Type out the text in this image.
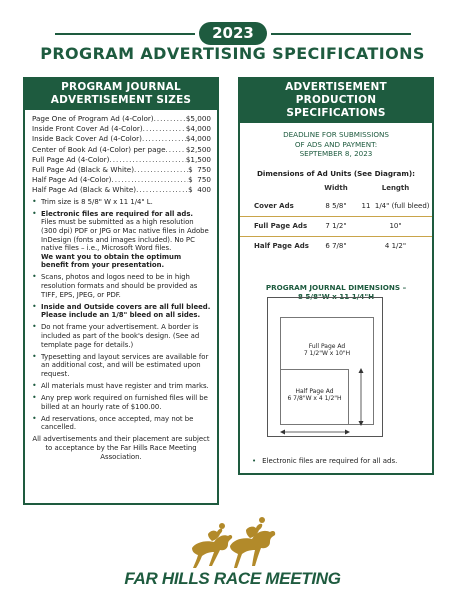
2023
PROGRAM ADVERTISING SPECIFICATIONS
PROGRAM JOURNAL
ADVERTISEMENT SIZES
Page One of Program Ad (4-Color) .....	$5,000
Inside Front Cover Ad (4-Color) .....	$4,000
Inside Back Cover Ad (4-Color) .....	$4,000
Center of Book Ad (4-Color) per page .....	$2,500
Full Page Ad (4-Color) .....	$1,500
Full Page Ad (Black & White) .....	$  750
Half Page Ad (4-Color) .....	$  750
Half Page Ad (Black & White) .....	$  400
• Trim size is 8 5/8" W x 11 1/4" L.
• Electronic files are required for all ads.
Files must be submitted as a high resolution (300 dpi) PDF or JPG or Mac native files in Adobe InDesign (fonts and images included). No PC native files – i.e., Microsoft Word files.
We want you to obtain the optimum benefit from your presentation.
• Scans, photos and logos need to be in high resolution formats and should be provided as TIFF, EPS, JPEG, or PDF.
• Inside and Outside covers are all full bleed. Please include an 1/8" bleed on all sides.
• Do not frame your advertisement. A border is included as part of the book's design. (See ad template page for details.)
• Typesetting and layout services are available for an additional cost, and will be estimated upon request.
• All materials must have register and trim marks.
• Any prep work required on furnished files will be billed at an hourly rate of $100.00.
• Ad reservations, once accepted, may not be cancelled.
All advertisements and their placement are subject to acceptance by the Far Hills Race Meeting Association.
ADVERTISEMENT PRODUCTION
SPECIFICATIONS
DEADLINE FOR SUBMISSIONS
OF ADS AND PAYMENT:
SEPTEMBER 8, 2023
Dimensions of Ad Units (See Diagram):
	Width	Length
Cover Ads	8 5/8"	11  1/4" (full bleed)
Full Page Ads	7 1/2"	10"
Half Page Ads	6 7/8"	4 1/2"
PROGRAM JOURNAL DIMENSIONS –
8 5/8"W x 11 1/4"H
Full Page Ad
7 1/2"W x 10"H
Half Page Ad
6 7/8"W x 4 1/2"H
• Electronic files are required for all ads.
FAR HILLS RACE MEETING
